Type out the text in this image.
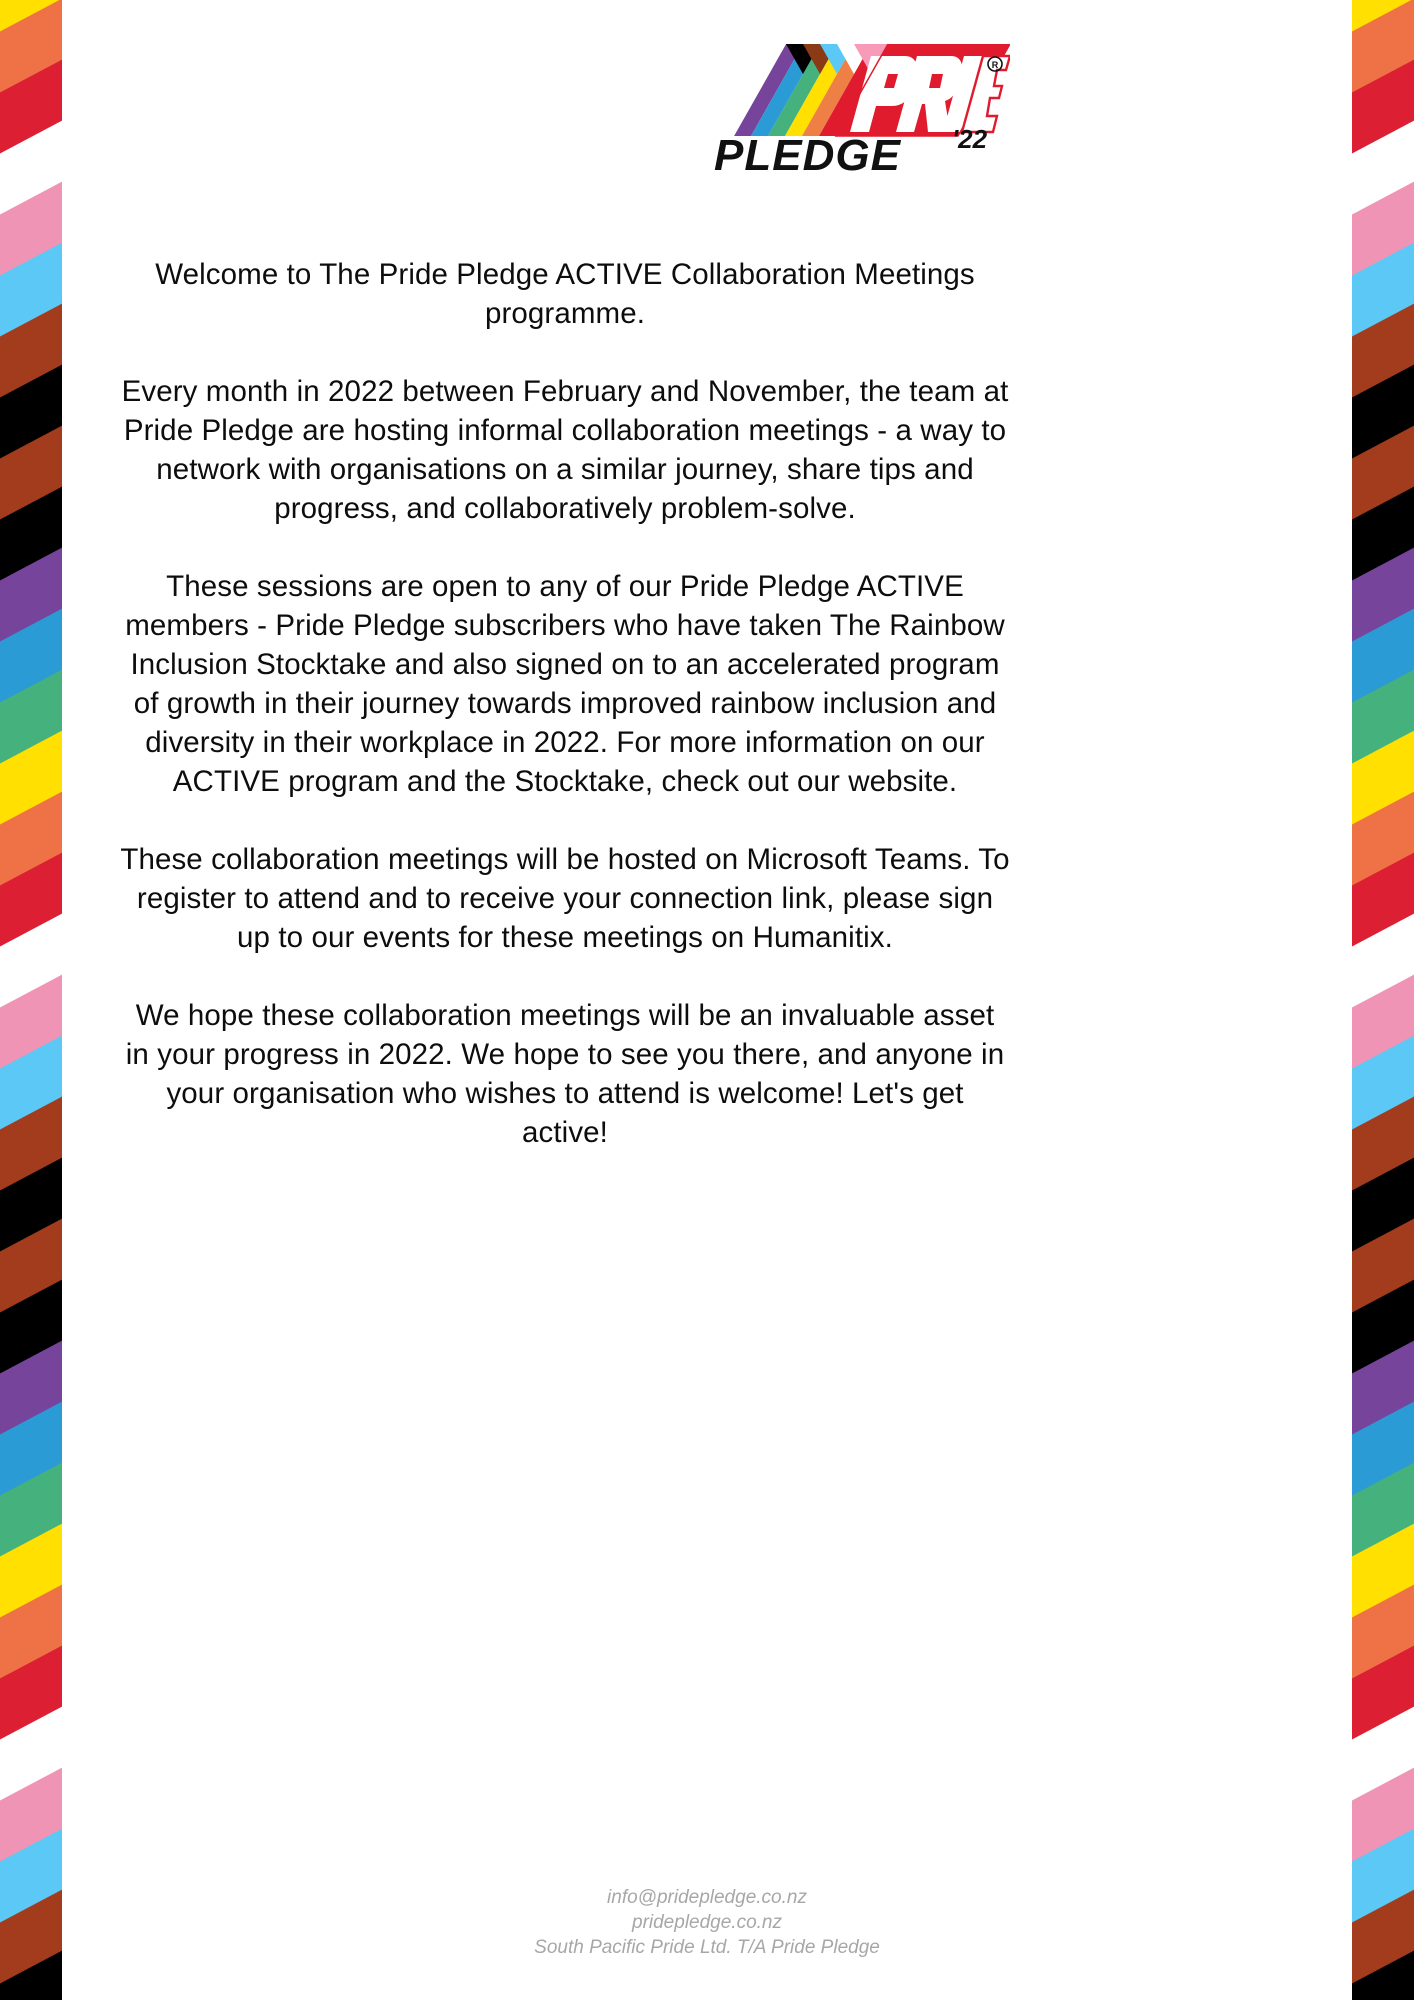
R
'22
PLEDGE

Welcome to The Pride Pledge ACTIVE Collaboration Meetings programme.

Every month in 2022 between February and November, the team at Pride Pledge are hosting informal collaboration meetings - a way to network with organisations on a similar journey, share tips and progress, and collaboratively problem-solve.

These sessions are open to any of our Pride Pledge ACTIVE members - Pride Pledge subscribers who have taken The Rainbow Inclusion Stocktake and also signed on to an accelerated program of growth in their journey towards improved rainbow inclusion and diversity in their workplace in 2022. For more information on our ACTIVE program and the Stocktake, check out our website.

These collaboration meetings will be hosted on Microsoft Teams. To register to attend and to receive your connection link, please sign up to our events for these meetings on Humanitix.

We hope these collaboration meetings will be an invaluable asset in your progress in 2022. We hope to see you there, and anyone in your organisation who wishes to attend is welcome! Let's get active!

info@pridepledge.co.nz
pridepledge.co.nz
South Pacific Pride Ltd. T/A Pride Pledge
